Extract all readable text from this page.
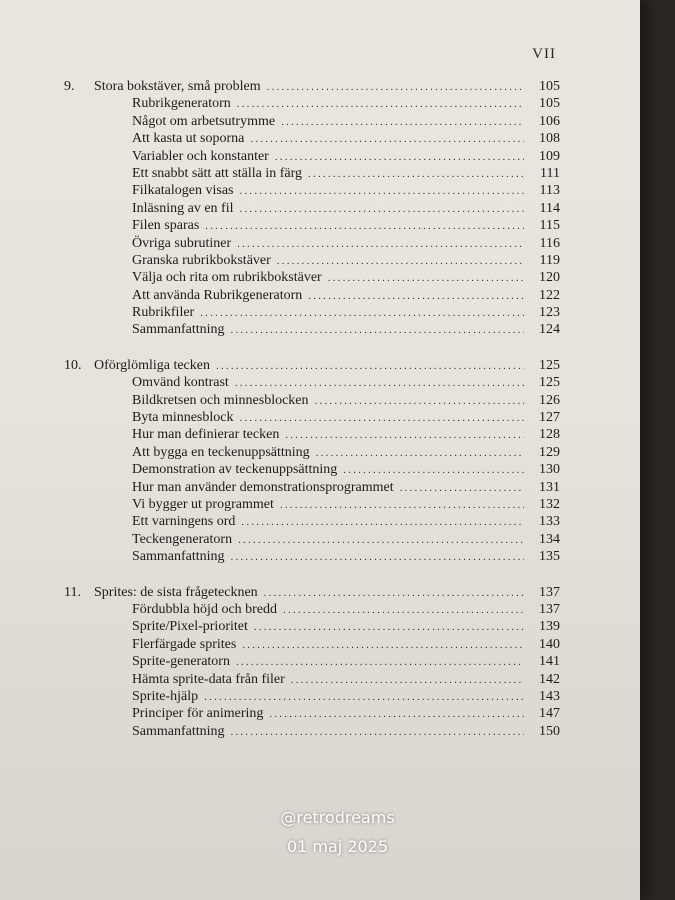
VII
9.	Stora bokstäver, små problem .....	105
Rubrikgeneratorn .....	105
Något om arbetsutrymme .....	106
Att kasta ut soporna .....	108
Variabler och konstanter .....	109
Ett snabbt sätt att ställa in färg .....	111
Filkatalogen visas .....	113
Inläsning av en fil .....	114
Filen sparas .....	115
Övriga subrutiner .....	116
Granska rubrikbokstäver .....	119
Välja och rita om rubrikbokstäver .....	120
Att använda Rubrikgeneratorn .....	122
Rubrikfiler .....	123
Sammanfattning .....	124
10. Oförglömliga tecken .....	125
Omvänd kontrast .....	125
Bildkretsen och minnesblocken .....	126
Byta minnesblock .....	127
Hur man definierar tecken .....	128
Att bygga en teckenuppsättning .....	129
Demonstration av teckenuppsättning .....	130
Hur man använder demonstrationsprogrammet .....	131
Vi bygger ut programmet .....	132
Ett varningens ord .....	133
Teckengeneratorn .....	134
Sammanfattning .....	135
11. Sprites: de sista frågetecknen .....	137
Fördubbla höjd och bredd .....	137
Sprite/Pixel-prioritet .....	139
Flerfärgade sprites .....	140
Sprite-generatorn .....	141
Hämta sprite-data från filer .....	142
Sprite-hjälp .....	143
Principer för animering .....	147
Sammanfattning .....	150
@retrodreams
01 maj 2025
